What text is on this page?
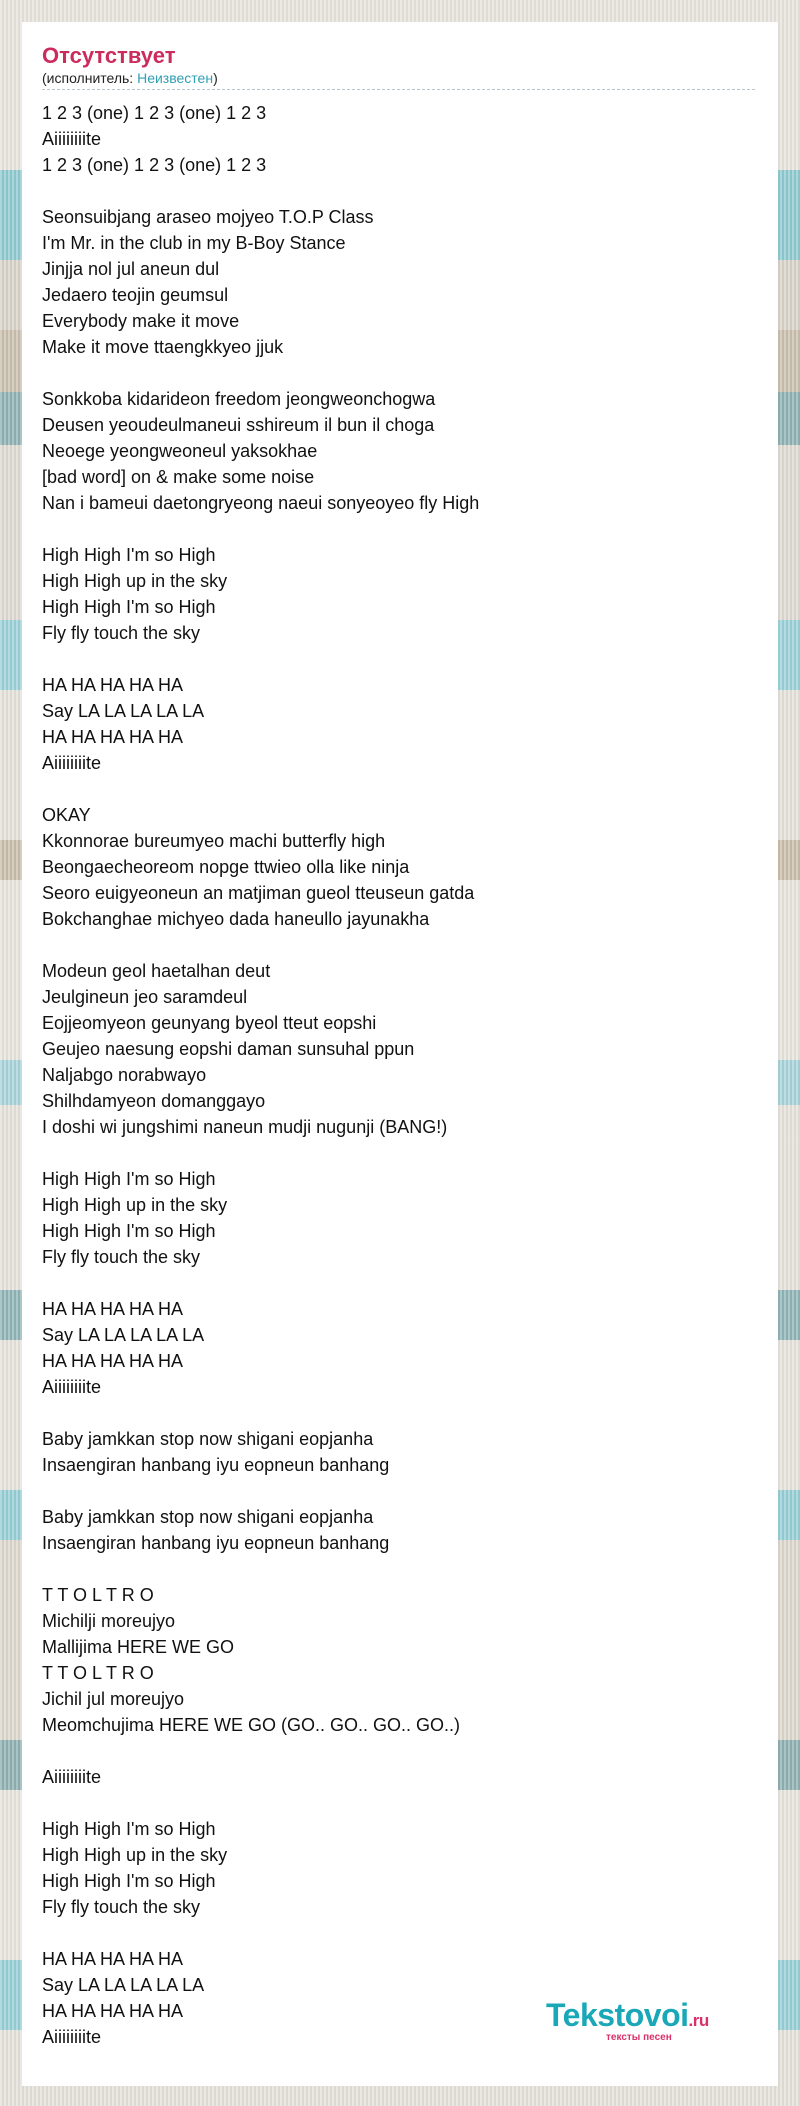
Отсутствует
(исполнитель: Неизвестен)
1 2 3 (one) 1 2 3 (one) 1 2 3
Aiiiiiiiite
1 2 3 (one) 1 2 3 (one) 1 2 3
Seonsuibjang araseo mojyeo T.O.P Class
I'm Mr. in the club in my B-Boy Stance
Jinjja nol jul aneun dul
Jedaero teojin geumsul
Everybody make it move
Make it move ttaengkkyeo jjuk
Sonkkoba kidarideon freedom jeongweonchogwa
Deusen yeoudeulmaneui sshireum il bun il choga
Neoege yeongweoneul yaksokhae
[bad word] on & make some noise
Nan i bameui daetongryeong naeui sonyeoyeo fly High
High High I'm so High
High High up in the sky
High High I'm so High
Fly fly touch the sky
HA HA HA HA HA
Say LA LA LA LA LA
HA HA HA HA HA
Aiiiiiiiite
OKAY
Kkonnorae bureumyeo machi butterfly high
Beongaecheoreom nopge ttwieo olla like ninja
Seoro euigyeoneun an matjiman gueol tteuseun gatda
Bokchanghae michyeo dada haneullo jayunakha
Modeun geol haetalhan deut
Jeulgineun jeo saramdeul
Eojjeomyeon geunyang byeol tteut eopshi
Geujeo naesung eopshi daman sunsuhal ppun
Naljabgo norabwayo
Shilhdamyeon domanggayo
I doshi wi jungshimi naneun mudji nugunji (BANG!)
High High I'm so High
High High up in the sky
High High I'm so High
Fly fly touch the sky
HA HA HA HA HA
Say LA LA LA LA LA
HA HA HA HA HA
Aiiiiiiiite
Baby jamkkan stop now shigani eopjanha
Insaengiran hanbang iyu eopneun banhang
Baby jamkkan stop now shigani eopjanha
Insaengiran hanbang iyu eopneun banhang
T T O L T R O
Michilji moreujyo
Mallijima HERE WE GO
T T O L T R O
Jichil jul moreujyo
Meomchujima HERE WE GO (GO.. GO.. GO.. GO..)
Aiiiiiiiite
High High I'm so High
High High up in the sky
High High I'm so High
Fly fly touch the sky
HA HA HA HA HA
Say LA LA LA LA LA
HA HA HA HA HA
Aiiiiiiiite
Tekstovoi.ru
тексты песен
